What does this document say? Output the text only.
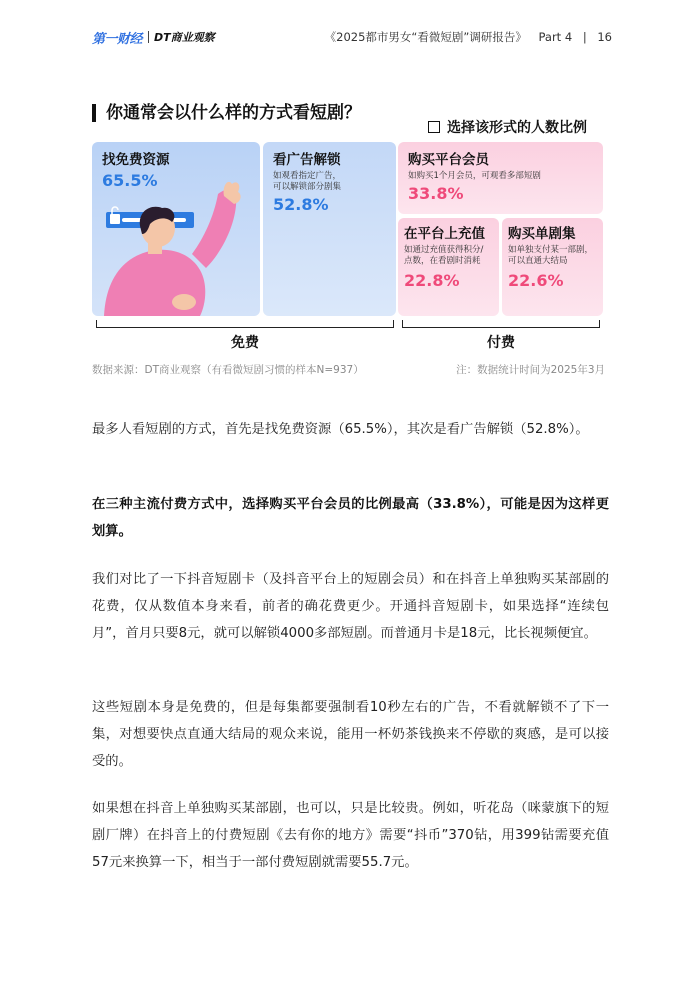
第一财经 DT商业观察	《2025都市男女“看微短剧”调研报告》 Part 4 | 16
你通常会以什么样的方式看短剧？
选择该形式的人数比例
找免费资源
65.5%
看广告解锁
如观看指定广告，
可以解锁部分剧集
52.8%
购买平台会员
如购买1个月会员，可观看多部短剧
33.8%
在平台上充值
如通过充值获得积分/
点数，在看剧时消耗
22.8%
购买单剧集
如单独支付某一部剧，
可以直通大结局
22.6%
免费	付费
数据来源：DT商业观察（有看微短剧习惯的样本N=937）	注：数据统计时间为2025年3月
最多人看短剧的方式，首先是找免费资源（65.5%），其次是看广告解锁（52.8%）。
在三种主流付费方式中，选择购买平台会员的比例最高（33.8%），可能是因为这样更划算。
我们对比了一下抖音短剧卡（及抖音平台上的短剧会员）和在抖音上单独购买某部剧的花费，仅从数值本身来看，前者的确花费更少。开通抖音短剧卡，如果选择“连续包月”，首月只要8元，就可以解锁4000多部短剧。而普通月卡是18元，比长视频便宜。
这些短剧本身是免费的，但是每集都要强制看10秒左右的广告，不看就解锁不了下一集，对想要快点直通大结局的观众来说，能用一杯奶茶钱换来不停歇的爽感，是可以接受的。
如果想在抖音上单独购买某部剧，也可以，只是比较贵。例如，听花岛（咪蒙旗下的短剧厂牌）在抖音上的付费短剧《去有你的地方》需要“抖币”370钻，用399钻需要充值57元来换算一下，相当于一部付费短剧就需要55.7元。
